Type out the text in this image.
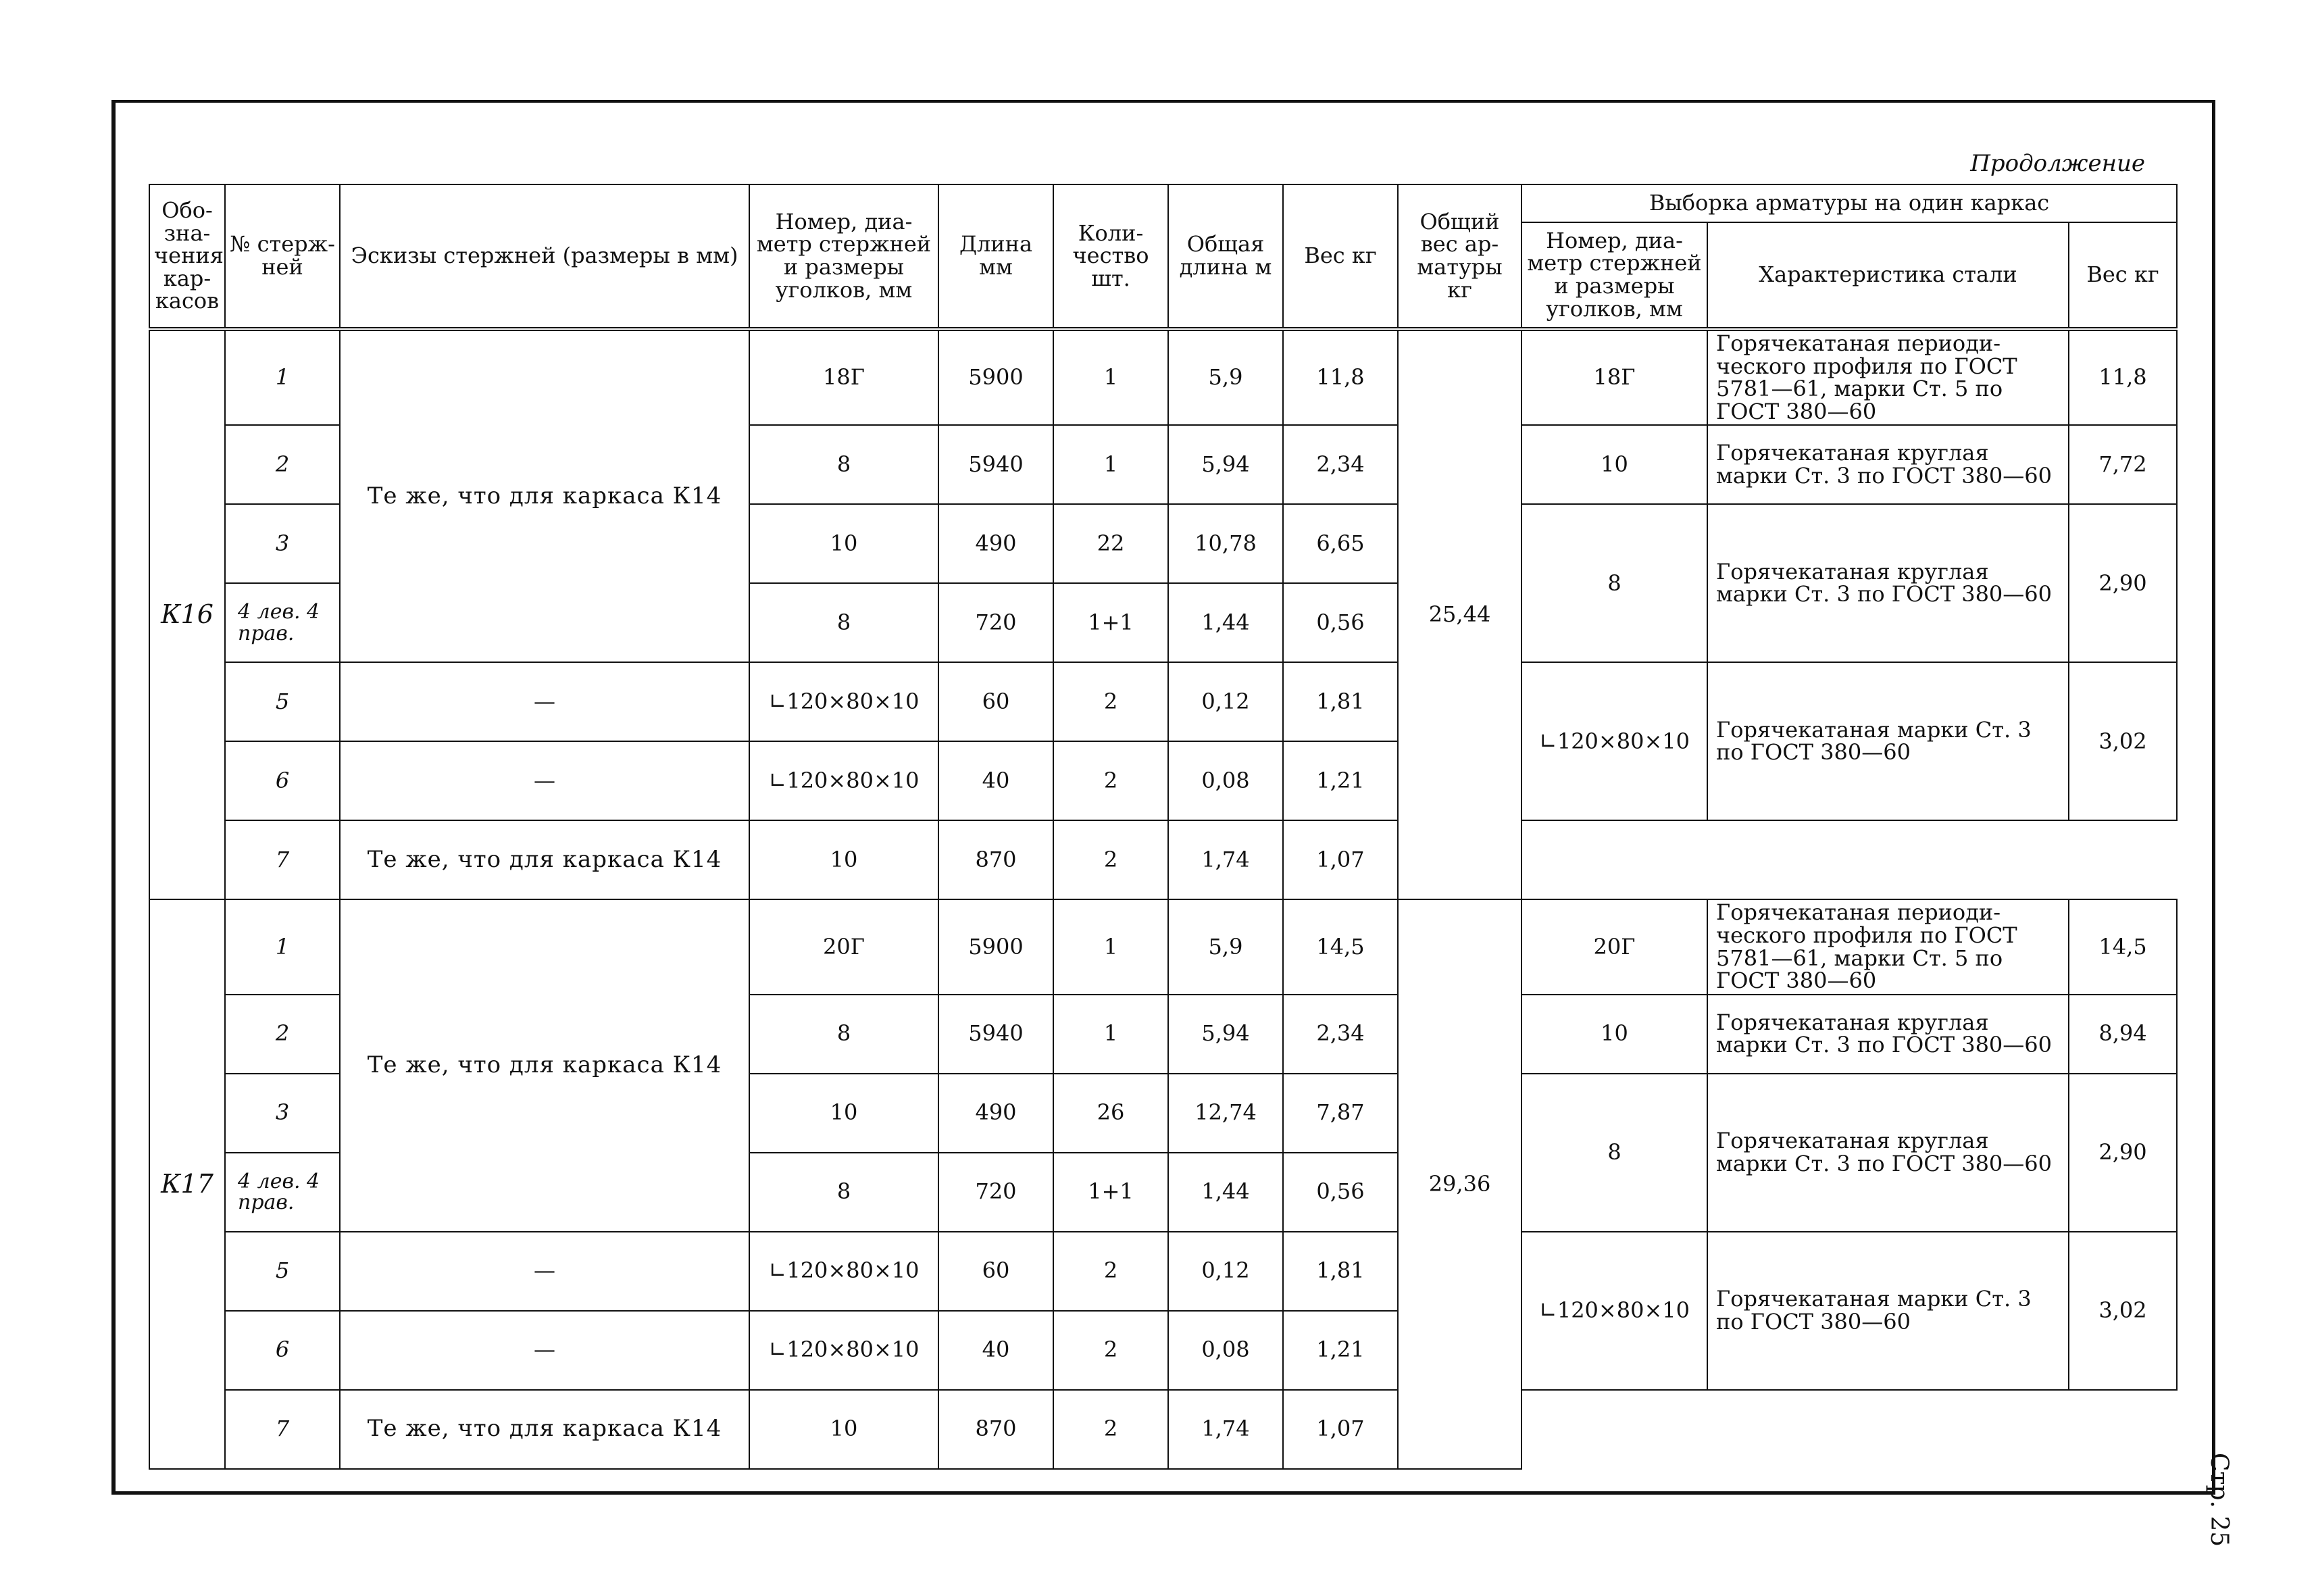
Продолжение
Стр. 25
Обо-зна-чения кар-касов	№ стерж-ней	Эскизы стержней (размеры в мм)	Номер, диа-метр стержней и размеры уголков, мм	Длина мм	Коли-чество шт.	Общая длина м	Вес кг	Общий вес ар-матуры кг	Выборка арматуры на один каркас		
									Номер, диа-метр стержней и размеры уголков, мм	Характеристика стали	Вес кг
К16	1	Те же, что для каркаса К14	18Г	5900	1	5,9	11,8	25,44	18Г	Горячекатаная периоди-ческого профиля по ГОСТ 5781—61, марки Ст. 5 по ГОСТ 380—60	11,8
	2		8	5940	1	5,94	2,34		10	Горячекатаная круглая марки Ст. 3 по ГОСТ 380—60	7,72
	3		10	490	22	10,78	6,65		8	Горячекатаная круглая марки Ст. 3 по ГОСТ 380—60	2,90
	4 лев. 4 прав.		8	720	1+1	1,44	0,56				
	5	—	∟120×80×10	60	2	0,12	1,81		∟120×80×10	Горячекатаная марки Ст. 3 по ГОСТ 380—60	3,02
	6	—	∟120×80×10	40	2	0,08	1,21				
	7	Те же, что для каркаса К14	10	870	2	1,74	1,07				
К17	1	Те же, что для каркаса К14	20Г	5900	1	5,9	14,5	29,36	20Г	Горячекатаная периоди-ческого профиля по ГОСТ 5781—61, марки Ст. 5 по ГОСТ 380—60	14,5
	2		8	5940	1	5,94	2,34		10	Горячекатаная круглая марки Ст. 3 по ГОСТ 380—60	8,94
	3		10	490	26	12,74	7,87		8	Горячекатаная круглая марки Ст. 3 по ГОСТ 380—60	2,90
	4 лев. 4 прав.		8	720	1+1	1,44	0,56				
	5	—	∟120×80×10	60	2	0,12	1,81		∟120×80×10	Горячекатаная марки Ст. 3 по ГОСТ 380—60	3,02
	6	—	∟120×80×10	40	2	0,08	1,21				
	7	Те же, что для каркаса К14	10	870	2	1,74	1,07				
